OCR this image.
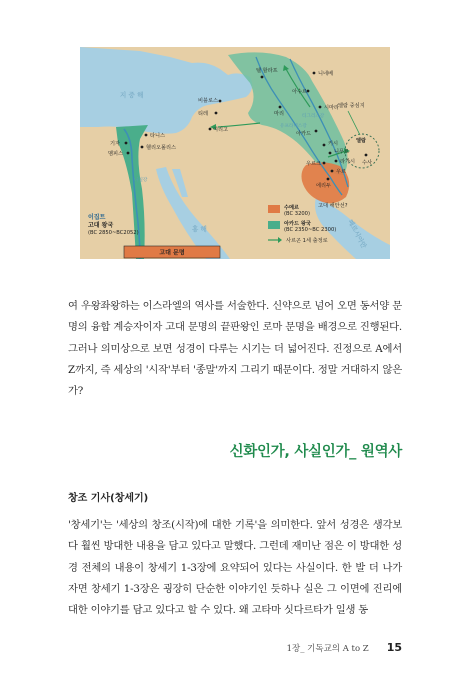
지 중 해
홍 해	페르시아만
나일강
유프라테스강
티그리스강
텔 할라프	니네베
아수르
마리
시마라
아카드
키시
니푸르
라가시
우르크
우르
에리두
수사
비블로스
티레
여리고
타니스
기자
헬리오폴리스
멤피스
엘람
엘람 중심지
고대 해안선?
이집트
고대 왕국
(BC 2850~BC2052)
수메르
(BC 3200)
아카드 왕국
(BC 2350~BC 2300)
사르곤 1세 출정로
고대 문명

여 우왕좌왕하는 이스라엘의 역사를 서술한다. 신약으로 넘어 오면 동서양 문명의 융합 계승자이자 고대 문명의 끝판왕인 로마 문명을 배경으로 진행된다. 그러나 의미상으로 보면 성경이 다루는 시기는 더 넓어진다. 진정으로 A에서 Z까지, 즉 세상의 '시작'부터 '종말'까지 그리기 때문이다. 정말 거대하지 않은가?

신화인가, 사실인가_ 원역사
창조 기사(창세기)

'창세기'는 '세상의 창조(시작)에 대한 기록'을 의미한다. 앞서 성경은 생각보다 훨씬 방대한 내용을 담고 있다고 말했다. 그런데 재미난 점은 이 방대한 성경 전체의 내용이 창세기 1-3장에 요약되어 있다는 사실이다. 한 발 더 나가자면 창세기 1-3장은 굉장히 단순한 이야기인 듯하나 실은 그 이면에 진리에 대한 이야기를 담고 있다고 할 수 있다. 왜 고타마 싯다르타가 일생 동

1장_ 기독교의 A to Z 15
